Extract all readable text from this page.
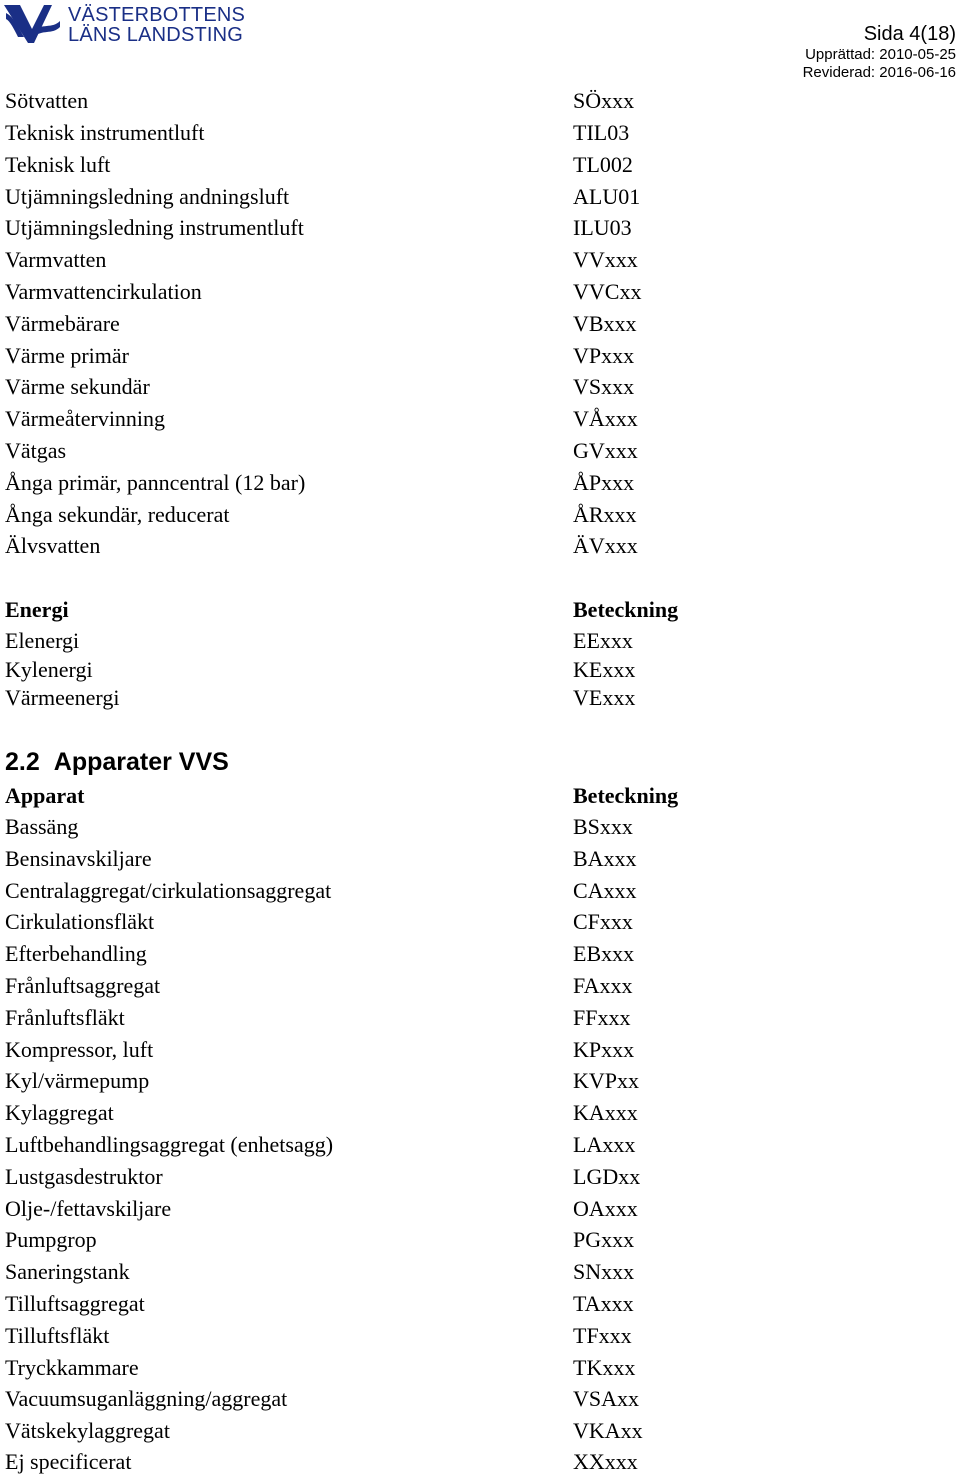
VÄSTERBOTTENS
LÄNS LANDSTING	Sida 4(18)
Upprättad: 2010-05-25
Reviderad: 2016-06-16
Sötvatten	SÖxxx
Teknisk instrumentluft	TIL03
Teknisk luft	TL002
Utjämningsledning andningsluft	ALU01
Utjämningsledning instrumentluft	ILU03
Varmvatten	VVxxx
Varmvattencirkulation	VVCxx
Värmebärare	VBxxx
Värme primär	VPxxx
Värme sekundär	VSxxx
Värmeåtervinning	VÅxxx
Vätgas	GVxxx
Ånga primär, panncentral (12 bar)	ÅPxxx
Ånga sekundär, reducerat	ÅRxxx
Älvsvatten	ÄVxxx
Energi	Beteckning
Elenergi	EExxx
Kylenergi	KExxx
Värmeenergi	VExxx
2.2 Apparater VVS
Apparat	Beteckning
Bassäng	BSxxx
Bensinavskiljare	BAxxx
Centralaggregat/cirkulationsaggregat	CAxxx
Cirkulationsfläkt	CFxxx
Efterbehandling	EBxxx
Frånluftsaggregat	FAxxx
Frånluftsfläkt	FFxxx
Kompressor, luft	KPxxx
Kyl/värmepump	KVPxx
Kylaggregat	KAxxx
Luftbehandlingsaggregat (enhetsagg)	LAxxx
Lustgasdestruktor	LGDxx
Olje-/fettavskiljare	OAxxx
Pumpgrop	PGxxx
Saneringstank	SNxxx
Tilluftsaggregat	TAxxx
Tilluftsfläkt	TFxxx
Tryckkammare	TKxxx
Vacuumsuganläggning/aggregat	VSAxx
Vätskekylaggregat	VKAxx
Ej specificerat	XXxxx
